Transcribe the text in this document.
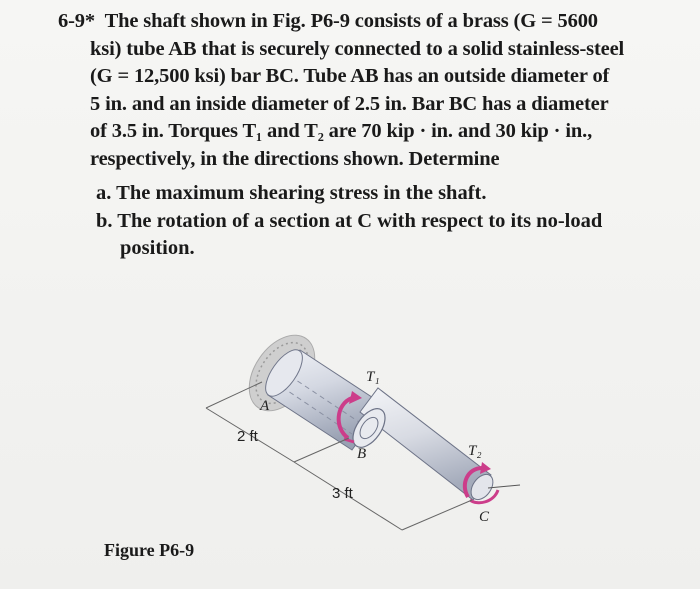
6-9* The shaft shown in Fig. P6-9 consists of a brass (G = 5600
ksi) tube AB that is securely connected to a solid stainless-steel
(G = 12,500 ksi) bar BC. Tube AB has an outside diameter of
5 in. and an inside diameter of 2.5 in. Bar BC has a diameter
of 3.5 in. Torques T₁ and T₂ are 70 kip · in. and 30 kip · in.,
respectively, in the directions shown. Determine
a. The maximum shearing stress in the shaft.
b. The rotation of a section at C with respect to its no-load
position.
A
B
C
T₁
T₂
2 ft
3 ft
Figure P6-9
